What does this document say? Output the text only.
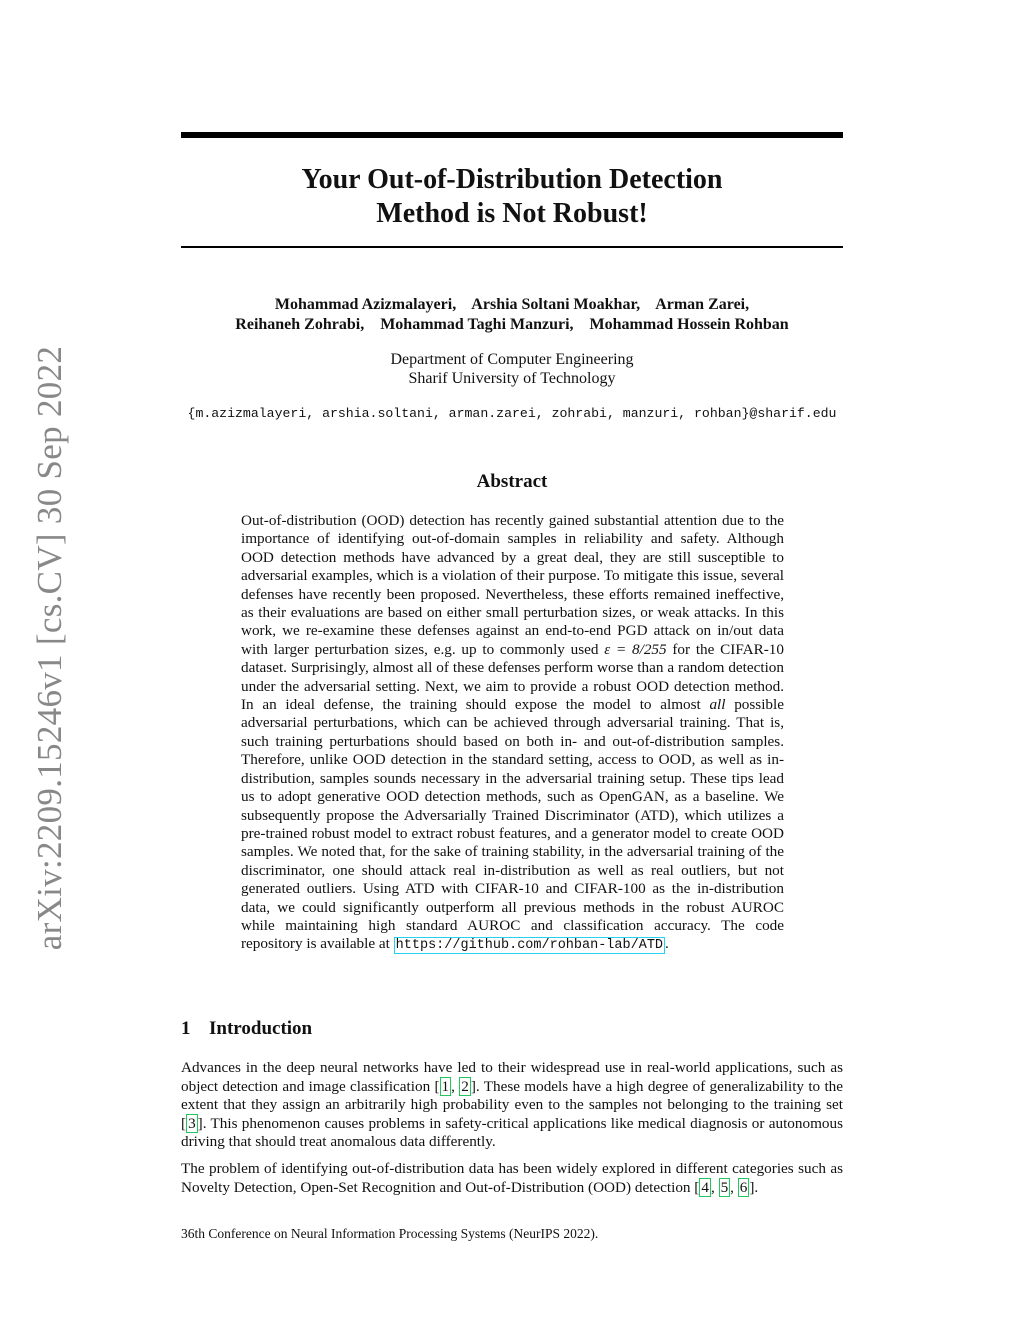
arXiv:2209.15246v1 [cs.CV] 30 Sep 2022
Your Out-of-Distribution Detection
Method is Not Robust!
Mohammad Azizmalayeri,    Arshia Soltani Moakhar,    Arman Zarei,
Reihaneh Zohrabi,    Mohammad Taghi Manzuri,    Mohammad Hossein Rohban
Department of Computer Engineering
Sharif University of Technology
{m.azizmalayeri, arshia.soltani, arman.zarei, zohrabi, manzuri, rohban}@sharif.edu
Abstract
Out-of-distribution (OOD) detection has recently gained substantial attention due to the importance of identifying out-of-domain samples in reliability and safety. Although OOD detection methods have advanced by a great deal, they are still susceptible to adversarial examples, which is a violation of their purpose. To mitigate this issue, several defenses have recently been proposed. Nevertheless, these efforts remained ineffective, as their evaluations are based on either small perturbation sizes, or weak attacks. In this work, we re-examine these defenses against an end-to-end PGD attack on in/out data with larger perturbation sizes, e.g. up to commonly used ε = 8/255 for the CIFAR-10 dataset. Surprisingly, almost all of these defenses perform worse than a random detection under the adversarial setting. Next, we aim to provide a robust OOD detection method. In an ideal defense, the training should expose the model to almost all possible adversarial perturbations, which can be achieved through adversarial training. That is, such training perturbations should based on both in- and out-of-distribution samples. Therefore, unlike OOD detection in the standard setting, access to OOD, as well as in-distribution, samples sounds necessary in the adversarial training setup. These tips lead us to adopt generative OOD detection methods, such as OpenGAN, as a baseline. We subsequently propose the Adversarially Trained Discriminator (ATD), which utilizes a pre-trained robust model to extract robust features, and a generator model to create OOD samples. We noted that, for the sake of training stability, in the adversarial training of the discriminator, one should attack real in-distribution as well as real outliers, but not generated outliers. Using ATD with CIFAR-10 and CIFAR-100 as the in-distribution data, we could significantly outperform all previous methods in the robust AUROC while maintaining high standard AUROC and classification accuracy. The code repository is available at https://github.com/rohban-lab/ATD .
1 Introduction
Advances in the deep neural networks have led to their widespread use in real-world applications, such as object detection and image classification [ 1 , 2 ]. These models have a high degree of generalizability to the extent that they assign an arbitrarily high probability even to the samples not belonging to the training set [ 3 ]. This phenomenon causes problems in safety-critical applications like medical diagnosis or autonomous driving that should treat anomalous data differently.
The problem of identifying out-of-distribution data has been widely explored in different categories such as Novelty Detection, Open-Set Recognition and Out-of-Distribution (OOD) detection [ 4 , 5 , 6 ].
36th Conference on Neural Information Processing Systems (NeurIPS 2022).
